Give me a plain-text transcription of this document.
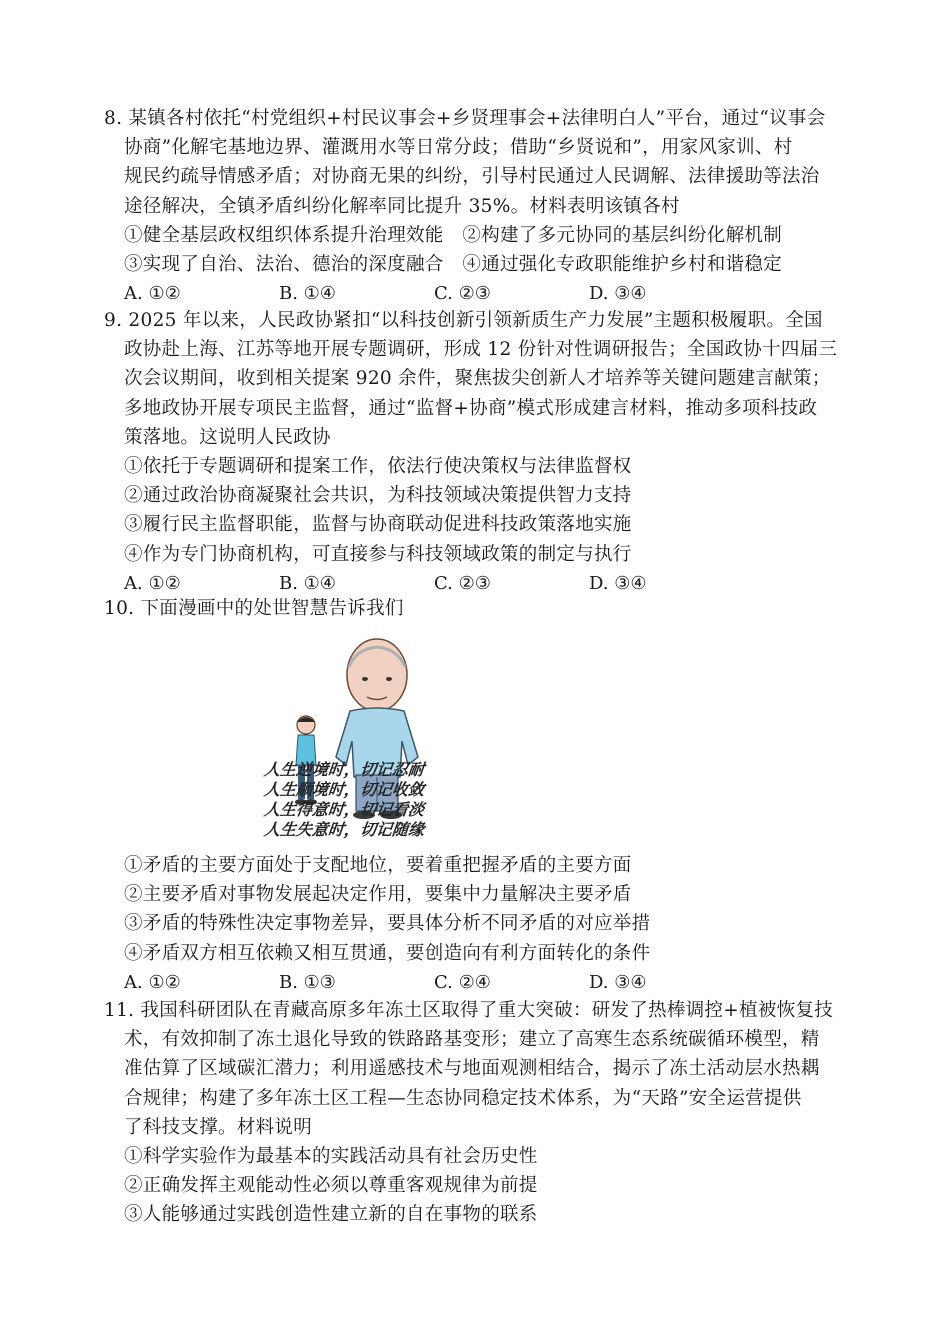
8. 某镇各村依托“村党组织+村民议事会+乡贤理事会+法律明白人”平台，通过“议事会
协商”化解宅基地边界、灌溉用水等日常分歧；借助“乡贤说和”，用家风家训、村
规民约疏导情感矛盾；对协商无果的纠纷，引导村民通过人民调解、法律援助等法治
途径解决，全镇矛盾纠纷化解率同比提升 35%。材料表明该镇各村
①健全基层政权组织体系提升治理效能　②构建了多元协同的基层纠纷化解机制
③实现了自治、法治、德治的深度融合　④通过强化专政职能维护乡村和谐稳定
A. ①②	B. ①④	C. ②③	D. ③④
9. 2025 年以来，人民政协紧扣“以科技创新引领新质生产力发展”主题积极履职。全国
政协赴上海、江苏等地开展专题调研，形成 12 份针对性调研报告；全国政协十四届三
次会议期间，收到相关提案 920 余件，聚焦拔尖创新人才培养等关键问题建言献策；
多地政协开展专项民主监督，通过“监督+协商”模式形成建言材料，推动多项科技政
策落地。这说明人民政协
①依托于专题调研和提案工作，依法行使决策权与法律监督权
②通过政治协商凝聚社会共识，为科技领域决策提供智力支持
③履行民主监督职能，监督与协商联动促进科技政策落地实施
④作为专门协商机构，可直接参与科技领域政策的制定与执行
A. ①②	B. ①④	C. ②③	D. ③④
10. 下面漫画中的处世智慧告诉我们
人生逆境时，切记忍耐
人生顺境时，切记收敛
人生得意时，切记看淡
人生失意时，切记随缘
①矛盾的主要方面处于支配地位，要着重把握矛盾的主要方面
②主要矛盾对事物发展起决定作用，要集中力量解决主要矛盾
③矛盾的特殊性决定事物差异，要具体分析不同矛盾的对应举措
④矛盾双方相互依赖又相互贯通，要创造向有利方面转化的条件
A. ①②	B. ①③	C. ②④	D. ③④
11. 我国科研团队在青藏高原多年冻土区取得了重大突破：研发了热棒调控+植被恢复技
术，有效抑制了冻土退化导致的铁路路基变形；建立了高寒生态系统碳循环模型，精
准估算了区域碳汇潜力；利用遥感技术与地面观测相结合，揭示了冻土活动层水热耦
合规律；构建了多年冻土区工程—生态协同稳定技术体系，为“天路”安全运营提供
了科技支撑。材料说明
①科学实验作为最基本的实践活动具有社会历史性
②正确发挥主观能动性必须以尊重客观规律为前提
③人能够通过实践创造性建立新的自在事物的联系
